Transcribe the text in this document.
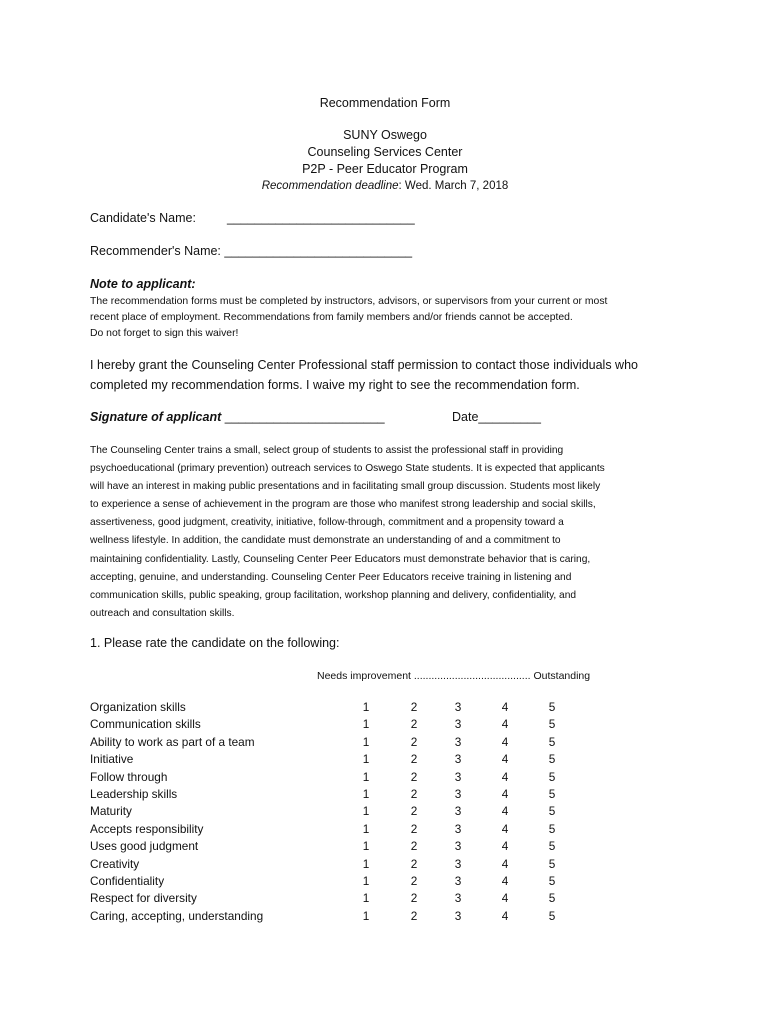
Recommendation Form
SUNY Oswego
Counseling Services Center
P2P - Peer Educator Program
Recommendation deadline: Wed. March 7, 2018
Candidate's Name: ___________________________
Recommender's Name: ___________________________
Note to applicant:
The recommendation forms must be completed by instructors, advisors, or supervisors from your current or most
recent place of employment. Recommendations from family members and/or friends cannot be accepted.
Do not forget to sign this waiver!
I hereby grant the Counseling Center Professional staff permission to contact those individuals who
completed my recommendation forms. I waive my right to see the recommendation form.
Signature of applicant _______________________	Date_________
The Counseling Center trains a small, select group of students to assist the professional staff in providing
psychoeducational (primary prevention) outreach services to Oswego State students. It is expected that applicants
will have an interest in making public presentations and in facilitating small group discussion. Students most likely
to experience a sense of achievement in the program are those who manifest strong leadership and social skills,
assertiveness, good judgment, creativity, initiative, follow-through, commitment and a propensity toward a
wellness lifestyle. In addition, the candidate must demonstrate an understanding of and a commitment to
maintaining confidentiality. Lastly, Counseling Center Peer Educators must demonstrate behavior that is caring,
accepting, genuine, and understanding. Counseling Center Peer Educators receive training in listening and
communication skills, public speaking, group facilitation, workshop planning and delivery, confidentiality, and
outreach and consultation skills.
1. Please rate the candidate on the following:
Needs improvement ........................................ Outstanding
Organization skills	1	2	3	4	5
Communication skills	1	2	3	4	5
Ability to work as part of a team	1	2	3	4	5
Initiative	1	2	3	4	5
Follow through	1	2	3	4	5
Leadership skills	1	2	3	4	5
Maturity	1	2	3	4	5
Accepts responsibility	1	2	3	4	5
Uses good judgment	1	2	3	4	5
Creativity	1	2	3	4	5
Confidentiality	1	2	3	4	5
Respect for diversity	1	2	3	4	5
Caring, accepting, understanding	1	2	3	4	5
